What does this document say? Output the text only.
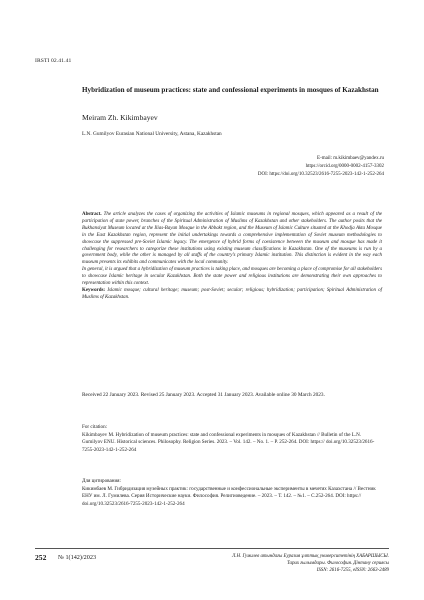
IRSTI 02.41.41
Hybridization of museum practices: state and confessional experiments in mosques of Kazakhstan
Meiram Zh. Kikimbayev
L.N. Gumilyov Eurasian National University, Astana, Kazakhstan
E-mail: m.kikimbaev@yandex.ru
https://orcid.org/0000-0002-4157-3302
DOI: https://doi.org/10.32523/2616-7255-2023-142-1-252-264

Abstract. The article analyzes the cases of organizing the activities of Islamic museums in regional mosques, which appeared as a result of the participation of state power, branches of the Spiritual Administration of Muslims of Kazakhstan and other stakeholders. The author posits that the Bukhansiyat Museum located at the Ilias-Bayan Mosque in the Abbakt region, and the Museum of Islamic Culture situated at the Khodja Akta Mosque in the East Kazakhstan region, represent the initial undertakings towards a comprehensive implementation of Soviet museum methodologies to showcase the suppressed pre-Soviet Islamic legacy. The emergence of hybrid forms of coexistence between the museum and mosque has made it challenging for researchers to categorize these institutions using existing museum classifications in Kazakhstan. One of the museums is run by a government body, while the other is managed by all staffs of the country’s primary Islamic institution. This distinction is evident in the way each museum presents its exhibits and communicates with the local community.

In general, it is argued that a hybridization of museum practices is taking place, and mosques are becoming a place of compromise for all stakeholders to showcase Islamic heritage in secular Kazakhstan. Both the state power and religious institutions are demonstrating their own approaches to representation within this context.

Keywords: Islamic mosque; cultural heritage; museum; post-Soviet; secular; religious; hybridization; participation; Spiritual Administration of Muslims of Kazakhstan.

Received 22 January 2023. Revised 25 January 2023. Accepted 31 January 2023. Available online 30 March 2023.
For citation:
Kikimbayev M. Hybridization of museum practices: state and confessional experiments in mosques of Kazakhstan // Bulletin of the L.N. Gumilyov ENU. Historical sciences. Philosophy. Religion Series. 2023. – Vol. 142. – No. 1. – P. 252-264. DOI: https:// doi.org/10.32523/2616-7255-2023-142-1-252-264
Для цитирования:
Кикимбаев М. Гибридизация музейных практик: государственные и конфессиональные эксперименты в мечетях Казахстана // Вестник ЕНУ им. Л. Гумилева. Серия Исторические науки. Философия. Религиоведение. – 2023. – Т. 142. – №1. – С.252-264. DOI: https:// doi.org/10.32523/2616-7255-2023-142-1-252-264
252 № 1(142)/2023	Л.Н. Гумилев атындағы Еуразия ұлттық университетінің ХАБАРШЫСЫ.
Тарих ғылымдары. Философия. Дінтану сериясы
ISSN: 2616-7255, eISSN: 2663-2489
